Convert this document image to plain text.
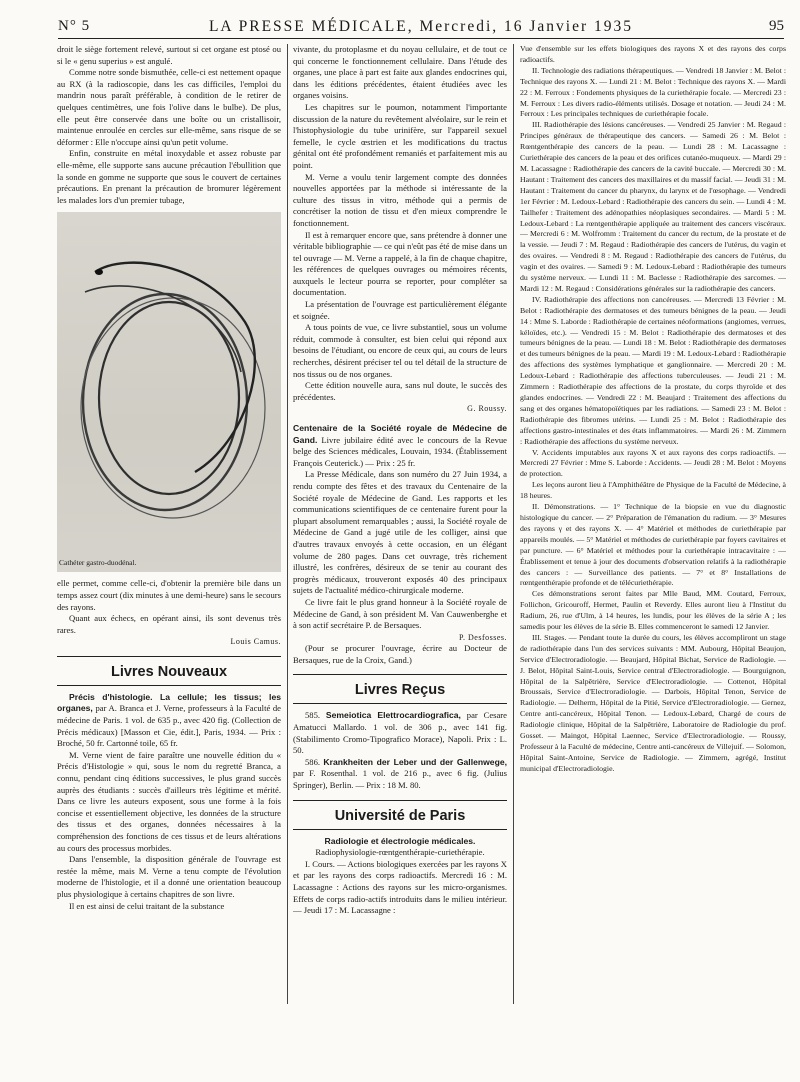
N° 5	LA PRESSE MÉDICALE, Mercredi, 16 Janvier 1935	95

droit le siège fortement relevé, surtout si cet organe est ptosé ou si le « genu superius » est angulé.

Comme notre sonde bismuthée, celle-ci est nettement opaque au RX (à la radioscopie, dans les cas difficiles, l'emploi du mandrin nous paraît préférable, à condition de le retirer de quelques centimètres, une fois l'olive dans le bulbe). De plus, elle peut être conservée dans une boîte ou un cristallisoir, maintenue enroulée en cercles sur elle-même, sans risque de se déformer : Elle n'occupe ainsi qu'un petit volume.

Enfin, construite en métal inoxydable et assez robuste par elle-même, elle supporte sans aucune précaution l'ébullition que la sonde en gomme ne supporte que sous le couvert de certaines précautions. En prenant la précaution de bromurer légèrement les malades lors d'un premier tubage,

Cathéter gastro-duodénal.

elle permet, comme celle-ci, d'obtenir la première bile dans un temps assez court (dix minutes à une demi-heure) sans le secours des rayons.

Quant aux échecs, en opérant ainsi, ils sont devenus très rares.

Louis Camus.
Livres Nouveaux

Précis d'histologie. La cellule; les tissus; les organes, par A. Branca et J. Verne, professeurs à la Faculté de médecine de Paris. 1 vol. de 635 p., avec 420 fig. (Collection de Précis médicaux) [Masson et Cie, édit.], Paris, 1934. — Prix : Broché, 50 fr. Cartonné toile, 65 fr.

M. Verne vient de faire paraître une nouvelle édition du « Précis d'Histologie » qui, sous le nom du regretté Branca, a connu, pendant cinq éditions successives, le plus grand succès auprès des étudiants : succès d'ailleurs très légitime et mérité. Dans ce livre les auteurs exposent, sous une forme à la fois concise et essentiellement objective, les données de la structure des tissus et des organes, données nécessaires à la compréhension des fonctions de ces tissus et de leurs altérations au cours des processus morbides.

Dans l'ensemble, la disposition générale de l'ouvrage est restée la même, mais M. Verne a tenu compte de l'évolution moderne de l'histologie, et il a donné une orientation beaucoup plus physiologique à certains chapitres de son livre.

Il en est ainsi de celui traitant de la substance

vivante, du protoplasme et du noyau cellulaire, et de tout ce qui concerne le fonctionnement cellulaire. Dans l'étude des organes, une place à part est faite aux glandes endocrines qui, dans les éditions précédentes, étaient étudiées avec les organes voisins.

Les chapitres sur le poumon, notamment l'importante discussion de la nature du revêtement alvéolaire, sur le rein et l'histophysiologie du tube urinifère, sur l'appareil sexuel femelle, le cycle œstrien et les modifications du tractus génital ont été profondément remaniés et parfaitement mis au point.

M. Verne a voulu tenir largement compte des données nouvelles apportées par la méthode si intéressante de la culture des tissus in vitro, méthode qui a permis de concrétiser la notion de tissu et d'en mieux comprendre le fonctionnement.

Il est à remarquer encore que, sans prétendre à donner une véritable bibliographie — ce qui n'eût pas été de mise dans un tel ouvrage — M. Verne a rappelé, à la fin de chaque chapitre, les références de quelques ouvrages ou mémoires récents, auxquels le lecteur pourra se reporter, pour compléter sa documentation.

La présentation de l'ouvrage est particulièrement élégante et soignée.

A tous points de vue, ce livre substantiel, sous un volume réduit, commode à consulter, est bien celui qui répond aux besoins de l'étudiant, ou encore de ceux qui, au cours de leurs recherches, désirent préciser tel ou tel détail de la structure de nos tissus ou de nos organes.

Cette édition nouvelle aura, sans nul doute, le succès des précédentes.

G. Roussy.

Centenaire de la Société royale de Médecine de Gand. Livre jubilaire édité avec le concours de la Revue belge des Sciences médicales, Louvain, 1934. (Établissement François Ceuterick.) — Prix : 25 fr.

La Presse Médicale, dans son numéro du 27 Juin 1934, a rendu compte des fêtes et des travaux du Centenaire de la Société royale de Médecine de Gand. Les rapports et les communications scientifiques de ce centenaire furent pour la plupart absolument remarquables ; aussi, la Société royale de Médecine de Gand a jugé utile de les colliger, ainsi que d'autres travaux envoyés à cette occasion, en un élégant volume de 280 pages. Dans cet ouvrage, très richement illustré, les confrères, désireux de se tenir au courant des progrès médicaux, trouveront exposés 40 des principaux sujets de l'actualité médico-chirurgicale moderne.

Ce livre fait le plus grand honneur à la Société royale de Médecine de Gand, à son président M. Van Cauwenberghe et à son actif secrétaire P. de Bersaques.

P. Desfosses.

(Pour se procurer l'ouvrage, écrire au Docteur de Bersaques, rue de la Croix, Gand.)

Livres Reçus

585. Semeiotica Elettrocardiografica, par Cesare Amatucci Mallardo. 1 vol. de 306 p., avec 141 fig. (Stabilimento Cromo-Tipografico Morace), Napoli. Prix : L. 50.

586. Krankheiten der Leber und der Gallenwege, par F. Rosenthal. 1 vol. de 216 p., avec 6 fig. (Julius Springer), Berlin. — Prix : 18 M. 80.

Université de Paris

Radiologie et électrologie médicales. Radiophysiologie-rœntgenthérapie-curiethérapie.

I. Cours. — Actions biologiques exercées par les rayons X et par les rayons des corps radioactifs. Mercredi 16 : M. Lacassagne : Actions des rayons sur les micro-organismes. Effets de corps radio-actifs introduits dans le milieu intérieur. — Jeudi 17 : M. Lacassagne :

Vue d'ensemble sur les effets biologiques des rayons X et des rayons des corps radioactifs.

II. Technologie des radiations thérapeutiques. — Vendredi 18 Janvier : M. Belot : Technique des rayons X. — Lundi 21 : M. Belot : Technique des rayons X. — Mardi 22 : M. Ferroux : Fondements physiques de la curiethérapie focale. — Mercredi 23 : M. Ferroux : Les divers radio-éléments utilisés. Dosage et notation. — Jeudi 24 : M. Ferroux : Les principales techniques de curiethérapie focale.

III. Radiothérapie des lésions cancéreuses. — Vendredi 25 Janvier : M. Regaud : Principes généraux de thérapeutique des cancers. — Samedi 26 : M. Belot : Rœntgenthérapie des cancers de la peau. — Lundi 28 : M. Lacassagne : Curiethérapie des cancers de la peau et des orifices cutanéo-muqueux. — Mardi 29 : M. Lacassagne : Radiothérapie des cancers de la cavité buccale. — Mercredi 30 : M. Hautant : Traitement des cancers des maxillaires et du massif facial. — Jeudi 31 : M. Hautant : Traitement du cancer du pharynx, du larynx et de l'œsophage. — Vendredi 1er Février : M. Ledoux-Lebard : Radiothérapie des cancers du sein. — Lundi 4 : M. Tailhefer : Traitement des adénopathies néoplasiques secondaires. — Mardi 5 : M. Ledoux-Lebard : La rœntgenthérapie appliquée au traitement des cancers viscéraux. — Mercredi 6 : M. Wolfromm : Traitement du cancer du rectum, de la prostate et de la vessie. — Jeudi 7 : M. Regaud : Radiothérapie des cancers de l'utérus, du vagin et des ovaires. — Vendredi 8 : M. Regaud : Radiothérapie des cancers de l'utérus, du vagin et des ovaires. — Samedi 9 : M. Ledoux-Lebard : Radiothérapie des tumeurs du système nerveux. — Lundi 11 : M. Baclesse : Radiothérapie des sarcomes. — Mardi 12 : M. Regaud : Considérations générales sur la radiothérapie des cancers.

IV. Radiothérapie des affections non cancéreuses. — Mercredi 13 Février : M. Belot : Radiothérapie des dermatoses et des tumeurs bénignes de la peau. — Jeudi 14 : Mme S. Laborde : Radiothérapie de certaines néoformations (angiomes, verrues, kéloïdes, etc.). — Vendredi 15 : M. Belot : Radiothérapie des dermatoses et des tumeurs bénignes de la peau. — Lundi 18 : M. Belot : Radiothérapie des dermatoses et des tumeurs bénignes de la peau. — Mardi 19 : M. Ledoux-Lebard : Radiothérapie des affections des systèmes lymphatique et ganglionnaire. — Mercredi 20 : M. Ledoux-Lebard : Radiothérapie des affections tuberculeuses. — Jeudi 21 : M. Zimmern : Radiothérapie des affections de la prostate, du corps thyroïde et des glandes endocrines. — Vendredi 22 : M. Beaujard : Traitement des affections du sang et des organes hématopoïétiques par les radiations. — Samedi 23 : M. Belot : Radiothérapie des fibromes utérins. — Lundi 25 : M. Belot : Radiothérapie des affections gastro-intestinales et des états inflammatoires. — Mardi 26 : M. Zimmern : Radiothérapie des affections du système nerveux.

V. Accidents imputables aux rayons X et aux rayons des corps radioactifs. — Mercredi 27 Février : Mme S. Laborde : Accidents. — Jeudi 28 : M. Belot : Moyens de protection.

Les leçons auront lieu à l'Amphithéâtre de Physique de la Faculté de Médecine, à 18 heures.

II. Démonstrations. — 1° Technique de la biopsie en vue du diagnostic histologique du cancer. — 2° Préparation de l'émanation du radium. — 3° Mesures des rayons γ et des rayons X. — 4° Matériel et méthodes de curiethérapie par appareils moulés. — 5° Matériel et méthodes de curiethérapie par foyers cavitaires et par puncture. — 6° Matériel et méthodes pour la curiethérapie intracavitaire : — Établissement et tenue à jour des documents d'observation relatifs à la radiothérapie des cancers : — Surveillance des patients. — 7° et 8° Installations de rœntgenthérapie profonde et de télécuriethérapie.

Ces démonstrations seront faites par Mlle Baud, MM. Coutard, Ferroux, Follichon, Gricouroff, Hermet, Paulin et Reverdy. Elles auront lieu à l'Institut du Radium, 26, rue d'Ulm, à 14 heures, les lundis, pour les élèves de la série A ; les samedis pour les élèves de la série B. Elles commenceront le samedi 12 Janvier.

III. Stages. — Pendant toute la durée du cours, les élèves accompliront un stage de radiothérapie dans l'un des services suivants : MM. Aubourg, Hôpital Beaujon, Service d'Electroradiologie. — Beaujard, Hôpital Bichat, Service de Radiologie. — J. Belot, Hôpital Saint-Louis, Service central d'Electroradiologie. — Bourguignon, Hôpital de la Salpêtrière, Service d'Electroradiologie. — Cottenot, Hôpital Broussais, Service d'Electroradiologie. — Darbois, Hôpital Tenon, Service de Radiologie. — Delherm, Hôpital de la Pitié, Service d'Electroradiologie. — Gernez, Centre anti-cancéreux, Hôpital Tenon. — Ledoux-Lebard, Chargé de cours de Radiologie clinique, Hôpital de la Salpêtrière, Laboratoire de Radiologie du prof. Gosset. — Maingot, Hôpital Laennec, Service d'Electroradiologie. — Roussy, Professeur à la Faculté de médecine, Centre anti-cancéreux de Villejuif. — Solomon, Hôpital Saint-Antoine, Service de Radiologie. — Zimmern, agrégé, Institut municipal d'Electroradiologie.
